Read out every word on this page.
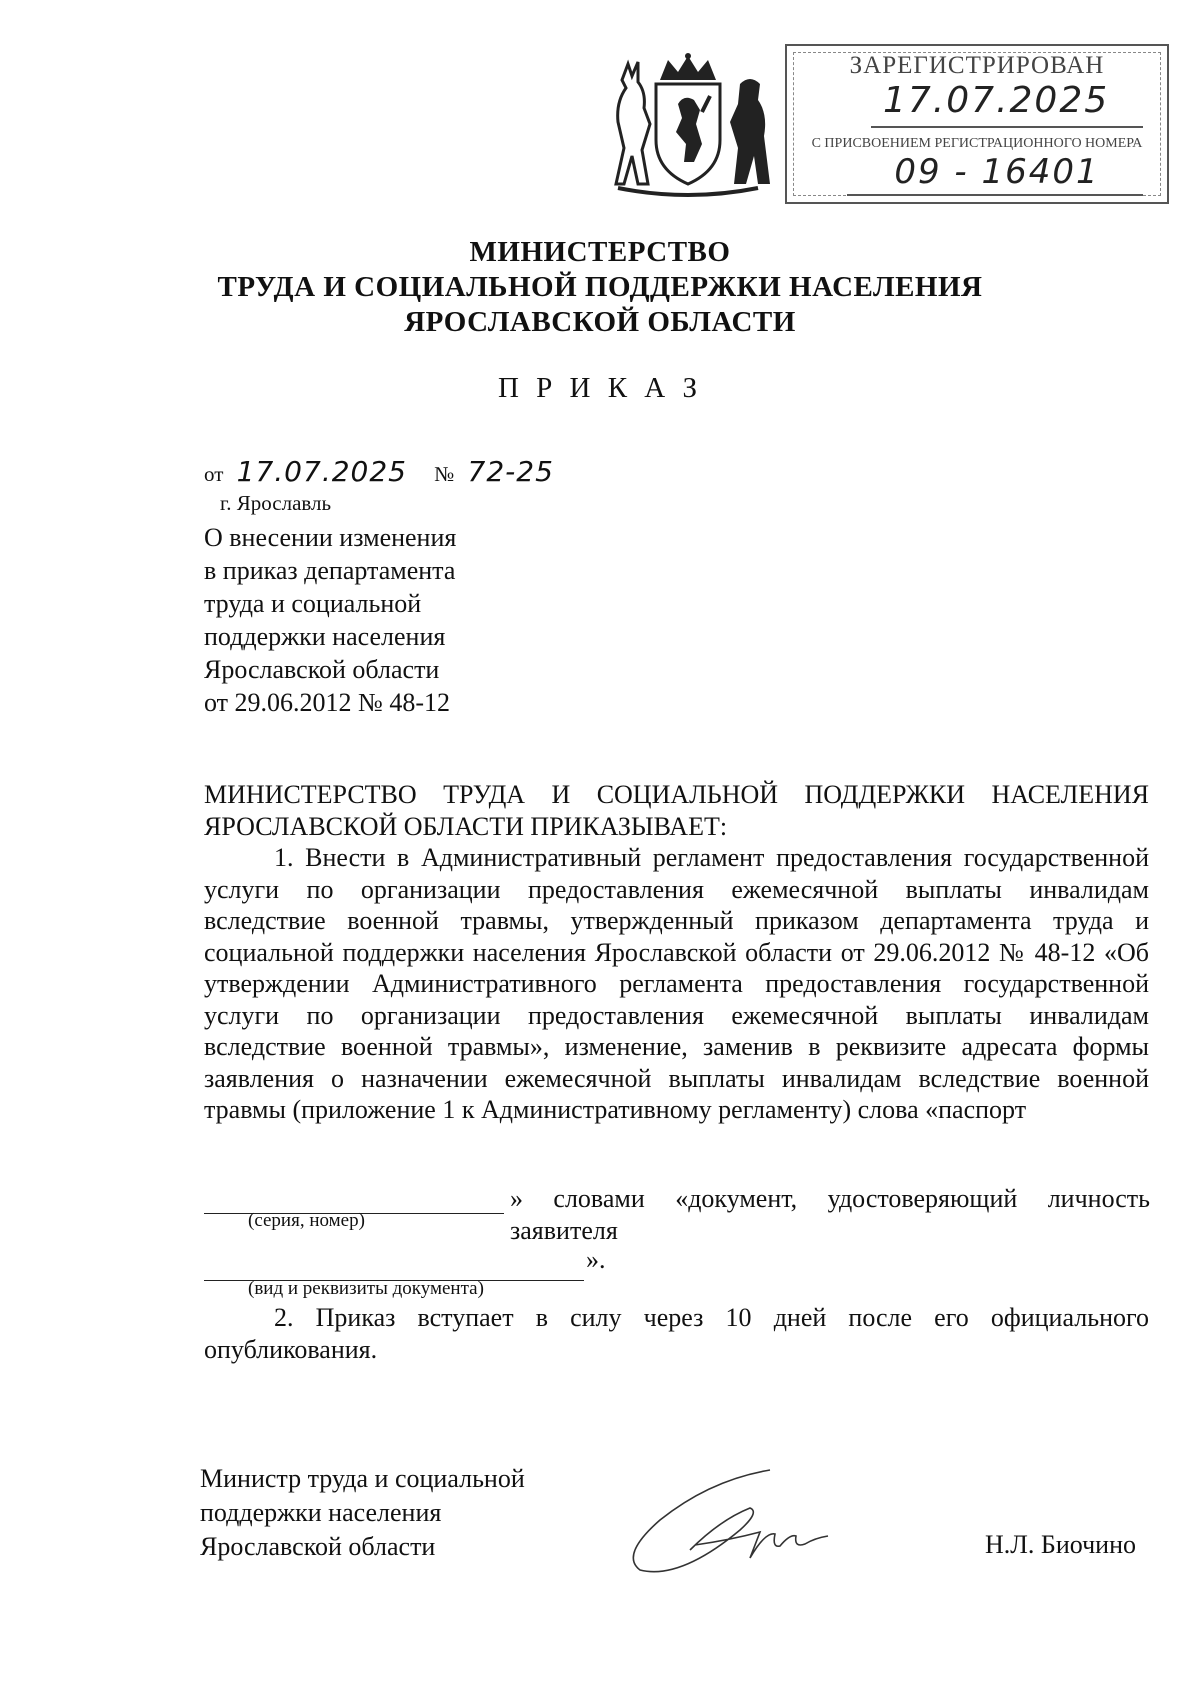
ЗАРЕГИСТРИРОВАН
17.07.2025
С ПРИСВОЕНИЕМ РЕГИСТРАЦИОННОГО НОМЕРА
09 - 16401
МИНИСТЕРСТВО
ТРУДА И СОЦИАЛЬНОЙ ПОДДЕРЖКИ НАСЕЛЕНИЯ
ЯРОСЛАВСКОЙ ОБЛАСТИ
П Р И К А З
от 17.07.2025 № 72-25
г. Ярославль
О внесении изменения
в приказ департамента
труда и социальной
поддержки населения
Ярославской области
от 29.06.2012 № 48-12
МИНИСТЕРСТВО ТРУДА И СОЦИАЛЬНОЙ ПОДДЕРЖКИ НАСЕЛЕНИЯ ЯРОСЛАВСКОЙ ОБЛАСТИ ПРИКАЗЫВАЕТ:
1. Внести в Административный регламент предоставления государственной услуги по организации предоставления ежемесячной выплаты инвалидам вследствие военной травмы, утвержденный приказом департамента труда и социальной поддержки населения Ярославской области от 29.06.2012 № 48-12 «Об утверждении Административного регламента предоставления государственной услуги по организации предоставления ежемесячной выплаты инвалидам вследствие военной травмы», изменение, заменив в реквизите адресата формы заявления о назначении ежемесячной выплаты инвалидам вследствие военной травмы (приложение 1 к Административному регламенту) слова «паспорт
» словами «документ, удостоверяющий личность заявителя
(серия, номер)
».
(вид и реквизиты документа)
2. Приказ вступает в силу через 10 дней после его официального опубликования.
Министр труда и социальной
поддержки населения
Ярославской области	Н.Л. Биочино
